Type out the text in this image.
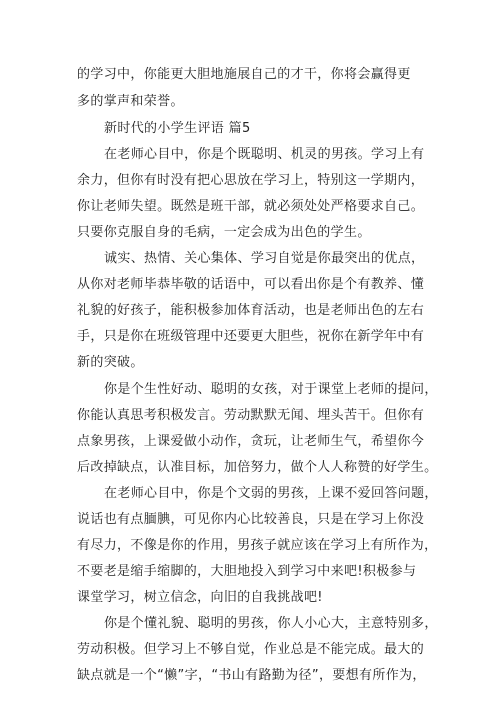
的学习中，你能更大胆地施展自己的才干，你将会赢得更
多的掌声和荣誉。
新时代的小学生评语 篇5
在老师心目中，你是个既聪明、机灵的男孩。学习上有
余力，但你有时没有把心思放在学习上，特别这一学期内，
你让老师失望。既然是班干部，就必须处处严格要求自己。
只要你克服自身的毛病，一定会成为出色的学生。
诚实、热情、关心集体、学习自觉是你最突出的优点，
从你对老师毕恭毕敬的话语中，可以看出你是个有教养、懂
礼貌的好孩子，能积极参加体育活动，也是老师出色的左右
手，只是你在班级管理中还要更大胆些，祝你在新学年中有
新的突破。
你是个生性好动、聪明的女孩，对于课堂上老师的提问，
你能认真思考积极发言。劳动默默无闻、埋头苦干。但你有
点象男孩，上课爱做小动作，贪玩，让老师生气，希望你今
后改掉缺点，认准目标，加倍努力，做个人人称赞的好学生。
在老师心目中，你是个文弱的男孩，上课不爱回答问题，
说话也有点腼腆，可见你内心比较善良，只是在学习上你没
有尽力，不像是你的作用，男孩子就应该在学习上有所作为，
不要老是缩手缩脚的，大胆地投入到学习中来吧!积极参与
课堂学习，树立信念，向旧的自我挑战吧!
你是个懂礼貌、聪明的男孩，你人小心大，主意特别多，
劳动积极。但学习上不够自觉，作业总是不能完成。最大的
缺点就是一个“懒”字，“书山有路勤为径”，要想有所作为，
